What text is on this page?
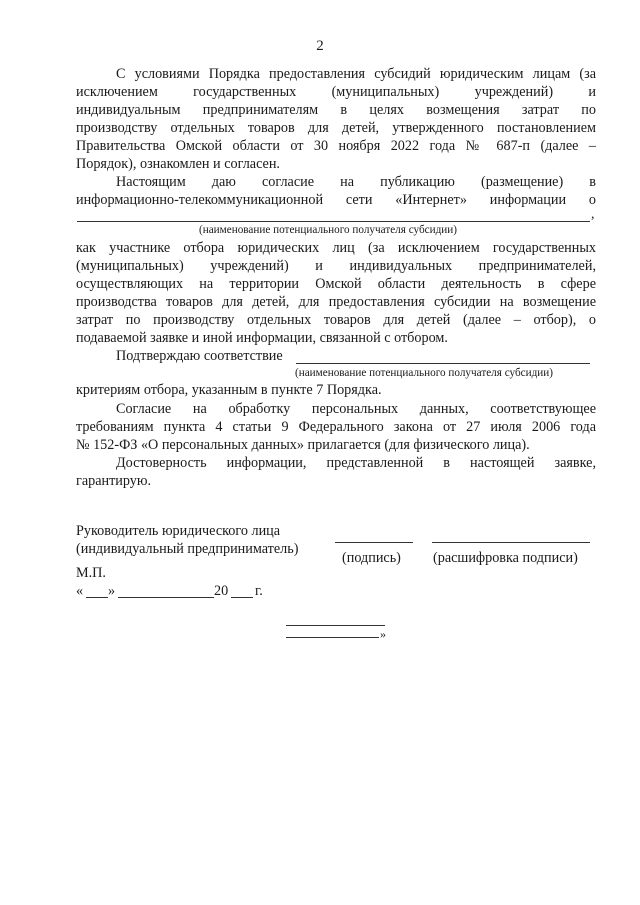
2
С условиями Порядка предоставления субсидий юридическим лицам (за
исключением государственных (муниципальных) учреждений) и
индивидуальным предпринимателям в целях возмещения затрат по
производству отдельных товаров для детей, утвержденного постановлением
Правительства Омской области от 30 ноября 2022 года № 687-п (далее –
Порядок), ознакомлен и согласен.
Настоящим даю согласие на публикацию (размещение) в
информационно-телекоммуникационной сети «Интернет» информации о
,
(наименование потенциального получателя субсидии)
как участнике отбора юридических лиц (за исключением государственных
(муниципальных) учреждений) и индивидуальных предпринимателей,
осуществляющих на территории Омской области деятельность в сфере
производства товаров для детей, для предоставления субсидии на возмещение
затрат по производству отдельных товаров для детей (далее – отбор), о
подаваемой заявке и иной информации, связанной с отбором.
Подтверждаю соответствие
(наименование потенциального получателя субсидии)
критериям отбора, указанным в пункте 7 Порядка.
Согласие на обработку персональных данных, соответствующее
требованиям пункта 4 статьи 9 Федерального закона от 27 июля 2006 года
№ 152-ФЗ «О персональных данных» прилагается (для физического лица).
Достоверность информации, представленной в настоящей заявке,
гарантирую.
Руководитель юридического лица
(индивидуальный предприниматель)
(подпись) (расшифровка подписи)
М.П.
« »	20 г.
»
